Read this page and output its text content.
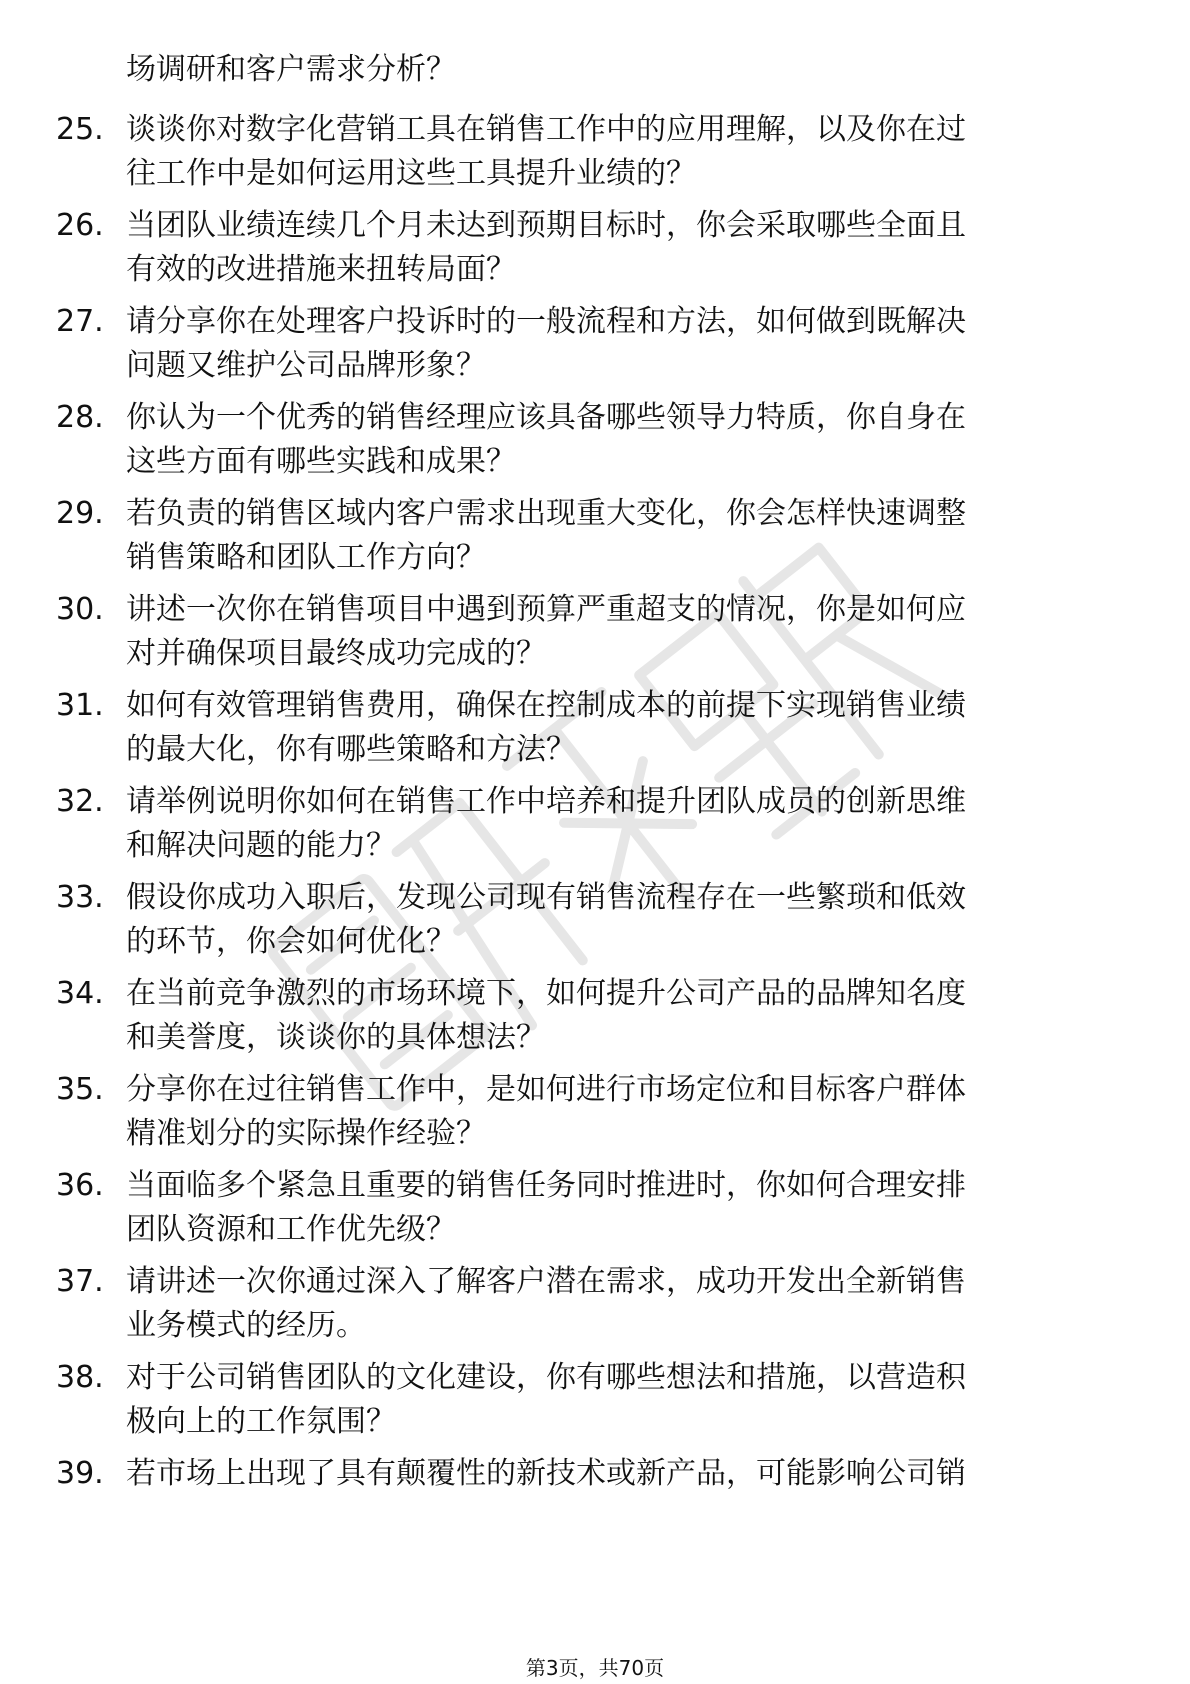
场调研和客户需求分析？
25. 谈谈你对数字化营销工具在销售工作中的应用理解，以及你在过
往工作中是如何运用这些工具提升业绩的？
26. 当团队业绩连续几个月未达到预期目标时，你会采取哪些全面且
有效的改进措施来扭转局面？
27. 请分享你在处理客户投诉时的一般流程和方法，如何做到既解决
问题又维护公司品牌形象？
28. 你认为一个优秀的销售经理应该具备哪些领导力特质，你自身在
这些方面有哪些实践和成果？
29. 若负责的销售区域内客户需求出现重大变化，你会怎样快速调整
销售策略和团队工作方向？
30. 讲述一次你在销售项目中遇到预算严重超支的情况，你是如何应
对并确保项目最终成功完成的？
31. 如何有效管理销售费用，确保在控制成本的前提下实现销售业绩
的最大化，你有哪些策略和方法？
32. 请举例说明你如何在销售工作中培养和提升团队成员的创新思维
和解决问题的能力？
33. 假设你成功入职后，发现公司现有销售流程存在一些繁琐和低效
的环节，你会如何优化？
34. 在当前竞争激烈的市场环境下，如何提升公司产品的品牌知名度
和美誉度，谈谈你的具体想法？
35. 分享你在过往销售工作中，是如何进行市场定位和目标客户群体
精准划分的实际操作经验？
36. 当面临多个紧急且重要的销售任务同时推进时，你如何合理安排
团队资源和工作优先级？
37. 请讲述一次你通过深入了解客户潜在需求，成功开发出全新销售
业务模式的经历。
38. 对于公司销售团队的文化建设，你有哪些想法和措施，以营造积
极向上的工作氛围？
39. 若市场上出现了具有颠覆性的新技术或新产品，可能影响公司销
第3页，共70页
